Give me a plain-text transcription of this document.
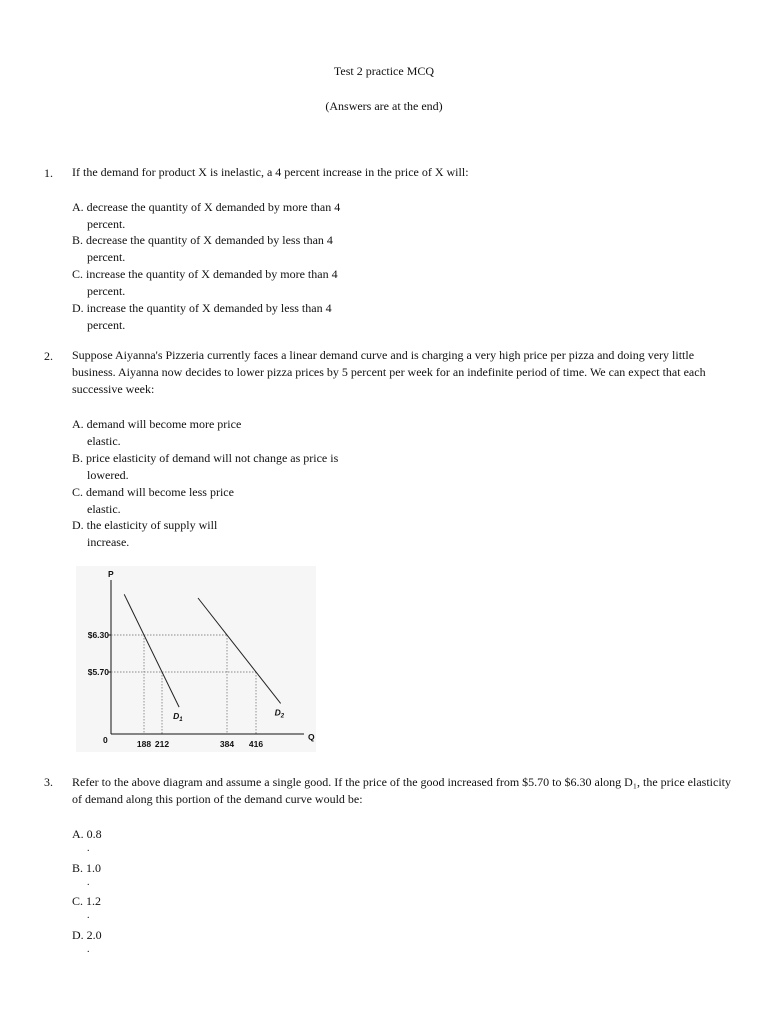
Test 2 practice MCQ
(Answers are at the end)
1. If the demand for product X is inelastic, a 4 percent increase in the price of X will:
A. decrease the quantity of X demanded by more than 4
percent.
B. decrease the quantity of X demanded by less than 4
percent.
C. increase the quantity of X demanded by more than 4
percent.
D. increase the quantity of X demanded by less than 4
percent.
2. Suppose Aiyanna's Pizzeria currently faces a linear demand curve and is charging a very high price per pizza and doing very little business. Aiyanna now decides to lower pizza prices by 5 percent per week for an indefinite period of time. We can expect that each successive week:
A. demand will become more price
elastic.
B. price elasticity of demand will not change as price is
lowered.
C. demand will become less price
elastic.
D. the elasticity of supply will
increase.
P
Q
0
$6.30
$5.70
188 212	384 416
$D_1$
$D_2$
3. Refer to the above diagram and assume a single good. If the price of the good increased from $5.70 to $6.30 along D₁, the price elasticity of demand along this portion of the demand curve would be:
A. 0.8
.
B. 1.0
.
C. 1.2
.
D. 2.0
.
